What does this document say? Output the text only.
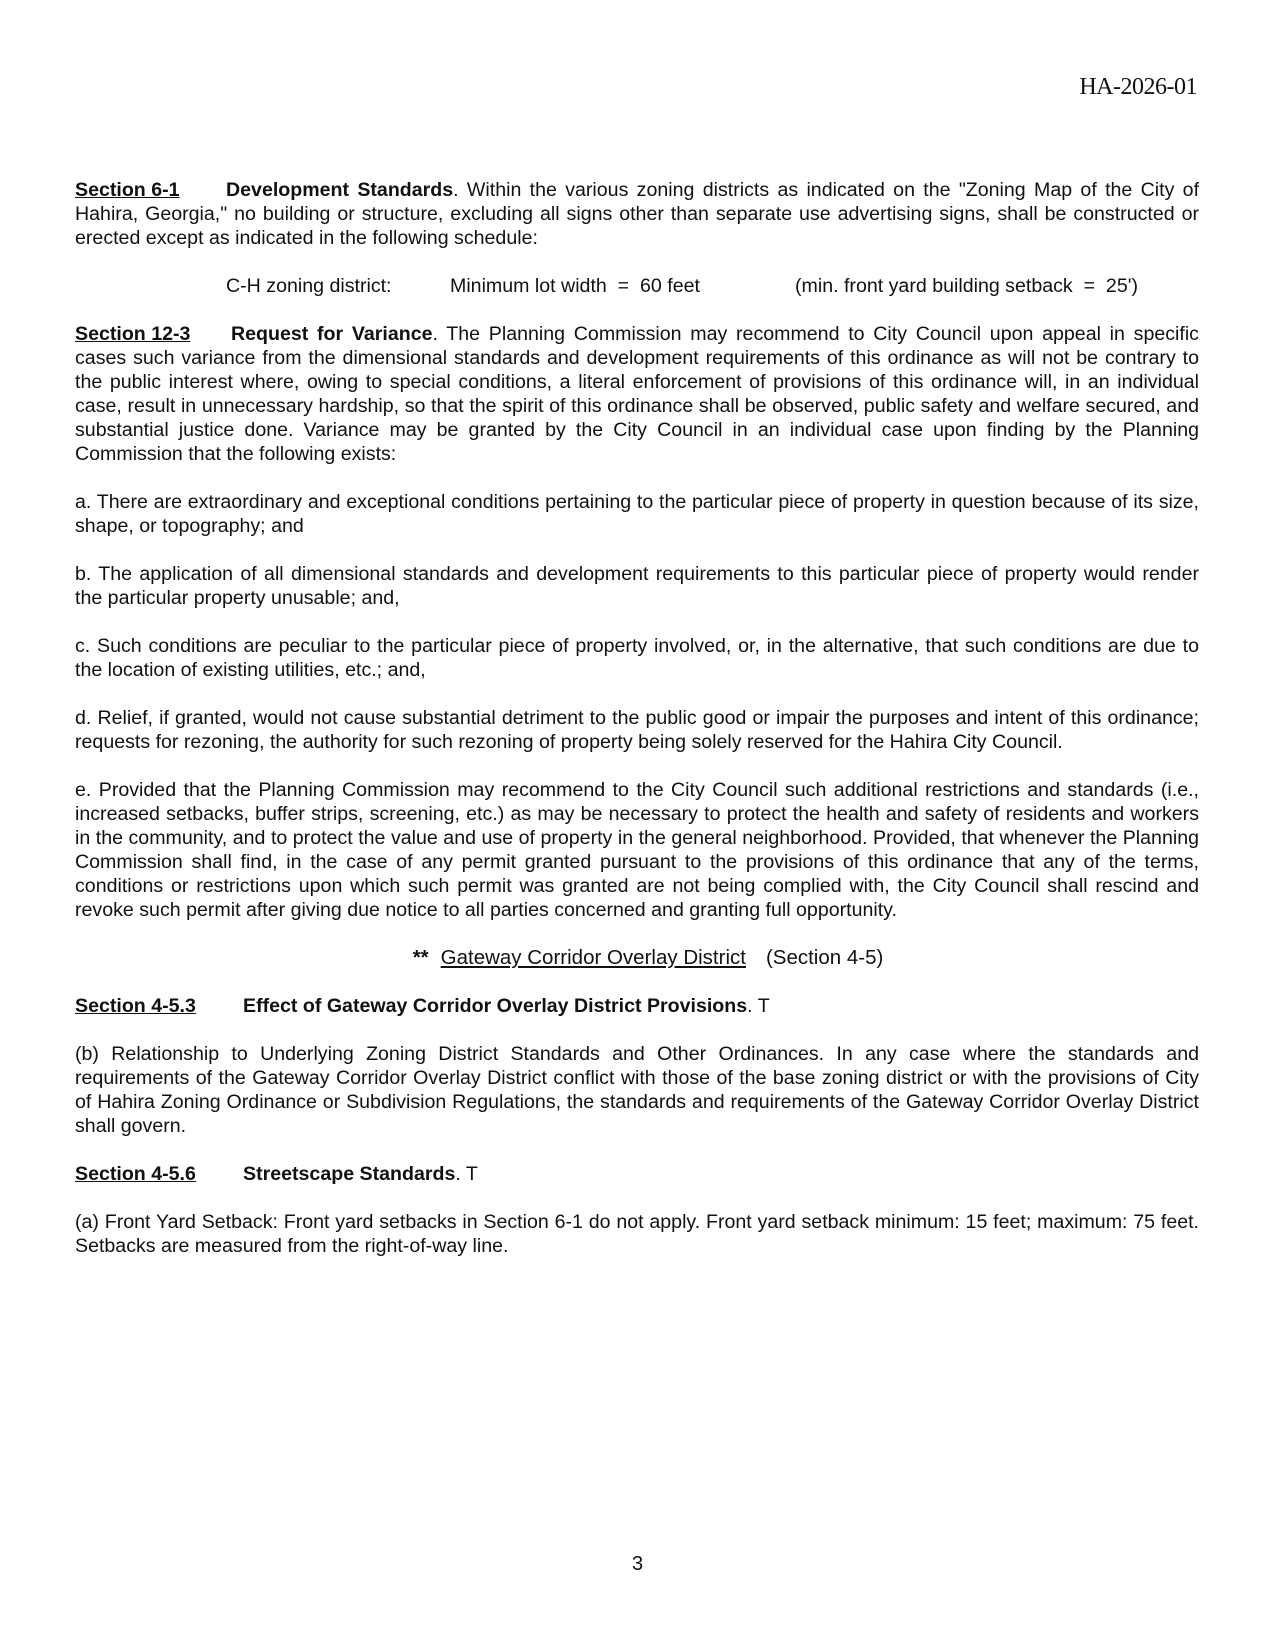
HA-2026-01

Section 6-1 Development Standards. Within the various zoning districts as indicated on the "Zoning Map of the City of Hahira, Georgia," no building or structure, excluding all signs other than separate use advertising signs, shall be constructed or erected except as indicated in the following schedule:

C-H zoning district:	Minimum lot width  =  60 feet	(min. front yard building setback  =  25')

Section 12-3 Request for Variance. The Planning Commission may recommend to City Council upon appeal in specific cases such variance from the dimensional standards and development requirements of this ordinance as will not be contrary to the public interest where, owing to special conditions, a literal enforcement of provisions of this ordinance will, in an individual case, result in unnecessary hardship, so that the spirit of this ordinance shall be observed, public safety and welfare secured, and substantial justice done. Variance may be granted by the City Council in an individual case upon finding by the Planning Commission that the following exists:

a. There are extraordinary and exceptional conditions pertaining to the particular piece of property in question because of its size, shape, or topography; and

b. The application of all dimensional standards and development requirements to this particular piece of property would render the particular property unusable; and,

c. Such conditions are peculiar to the particular piece of property involved, or, in the alternative, that such conditions are due to the location of existing utilities, etc.; and,

d. Relief, if granted, would not cause substantial detriment to the public good or impair the purposes and intent of this ordinance; requests for rezoning, the authority for such rezoning of property being solely reserved for the Hahira City Council.

e. Provided that the Planning Commission may recommend to the City Council such additional restrictions and standards (i.e., increased setbacks, buffer strips, screening, etc.) as may be necessary to protect the health and safety of residents and workers in the community, and to protect the value and use of property in the general neighborhood. Provided, that whenever the Planning Commission shall find, in the case of any permit granted pursuant to the provisions of this ordinance that any of the terms, conditions or restrictions upon which such permit was granted are not being complied with, the City Council shall rescind and revoke such permit after giving due notice to all parties concerned and granting full opportunity.

** Gateway Corridor Overlay District (Section 4-5)

Section 4-5.3 Effect of Gateway Corridor Overlay District Provisions. T

(b) Relationship to Underlying Zoning District Standards and Other Ordinances. In any case where the standards and requirements of the Gateway Corridor Overlay District conflict with those of the base zoning district or with the provisions of City of Hahira Zoning Ordinance or Subdivision Regulations, the standards and requirements of the Gateway Corridor Overlay District shall govern.

Section 4-5.6 Streetscape Standards. T

(a) Front Yard Setback: Front yard setbacks in Section 6-1 do not apply. Front yard setback minimum: 15 feet; maximum: 75 feet. Setbacks are measured from the right-of-way line.

3
